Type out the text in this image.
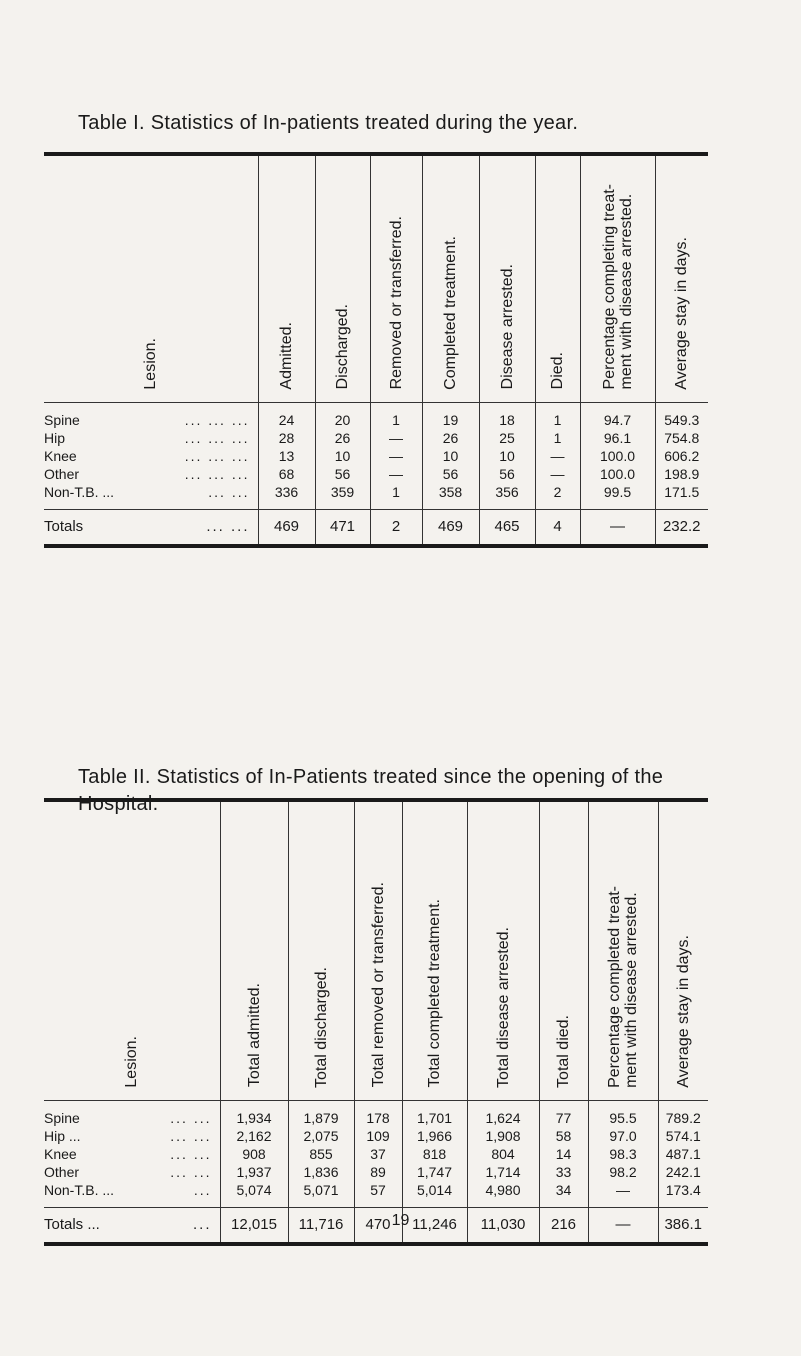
Table I. Statistics of In-patients treated during the year.
Lesion.	Admitted.	Discharged.	Removed or transferred.	Completed treatment.	Disease arrested.	Died.	Percentage completing treat-
ment with disease arrested.	Average stay in days.

Spine ... ... ...	24	20	1	19	18	1	94.7	549.3

Hip ... ... ...	28	26	—	26	25	1	96.1	754.8

Knee ... ... ...	13	10	—	10	10	—	100.0	606.2

Other ... ... ...	68	56	—	56	56	—	100.0	198.9

Non-T.B. ... ... ...	336	359	1	358	356	2	99.5	171.5

Totals ... ...	469	471	2	469	465	4	—	232.2
Table II. Statistics of In-Patients treated since the opening of the Hospital.
Lesion.	Total admitted.	Total discharged.	Total removed or transferred.	Total completed treatment.	Total disease arrested.	Total died.	Percentage completed treat-
ment with disease arrested.	Average stay in days.

Spine ... ...	1,934	1,879	178	1,701	1,624	77	95.5	789.2

Hip ... ... ...	2,162	2,075	109	1,966	1,908	58	97.0	574.1

Knee ... ...	908	855	37	818	804	14	98.3	487.1

Other ... ...	1,937	1,836	89	1,747	1,714	33	98.2	242.1

Non-T.B. ... ...	5,074	5,071	57	5,014	4,980	34	—	173.4

Totals ... ...	12,015	11,716	470	11,246	11,030	216	—	386.1
19
